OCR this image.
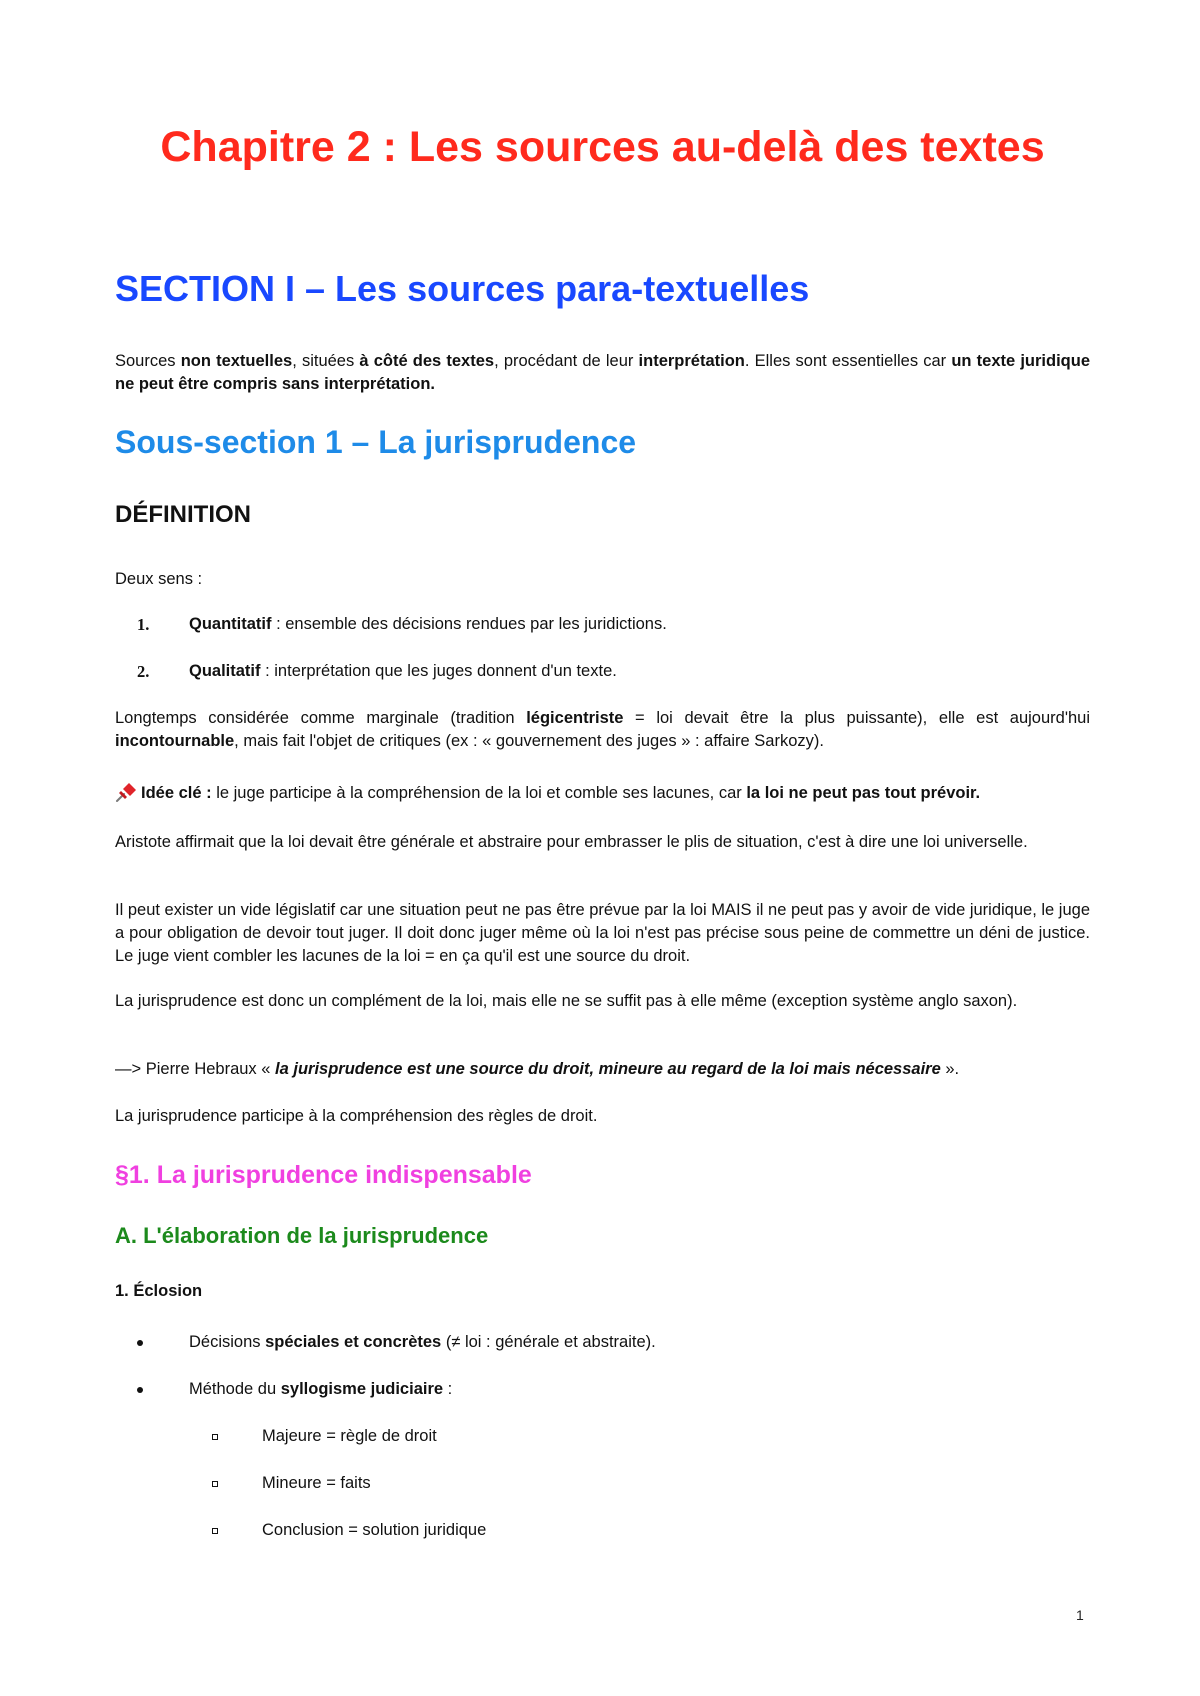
Chapitre 2 : Les sources au-delà des textes
SECTION I – Les sources para-textuelles

Sources non textuelles, situées à côté des textes, procédant de leur interprétation. Elles sont essentielles car un texte juridique ne peut être compris sans interprétation.

Sous-section 1 – La jurisprudence
DÉFINITION

Deux sens :

1. Quantitatif : ensemble des décisions rendues par les juridictions.
2. Qualitatif : interprétation que les juges donnent d'un texte.

Longtemps considérée comme marginale (tradition légicentriste = loi devait être la plus puissante), elle est aujourd'hui incontournable, mais fait l'objet de critiques (ex : « gouvernement des juges » : affaire Sarkozy).

Idée clé : le juge participe à la compréhension de la loi et comble ses lacunes, car la loi ne peut pas tout prévoir.

Aristote affirmait que la loi devait être générale et abstraire pour embrasser le plis de situation, c'est à dire une loi universelle.

Il peut exister un vide législatif car une situation peut ne pas être prévue par la loi MAIS il ne peut pas y avoir de vide juridique, le juge a pour obligation de devoir tout juger. Il doit donc juger même où la loi n'est pas précise sous peine de commettre un déni de justice. Le juge vient combler les lacunes de la loi = en ça qu'il est une source du droit.

La jurisprudence est donc un complément de la loi, mais elle ne se suffit pas à elle même (exception système anglo saxon).

—> Pierre Hebraux « la jurisprudence est une source du droit, mineure au regard de la loi mais nécessaire ».

La jurisprudence participe à la compréhension des règles de droit.

§1. La jurisprudence indispensable
A. L'élaboration de la jurisprudence
1. Éclosion
Décisions spéciales et concrètes (≠ loi : générale et abstraite).
Méthode du syllogisme judiciaire :
Majeure = règle de droit
Mineure = faits
Conclusion = solution juridique
1
